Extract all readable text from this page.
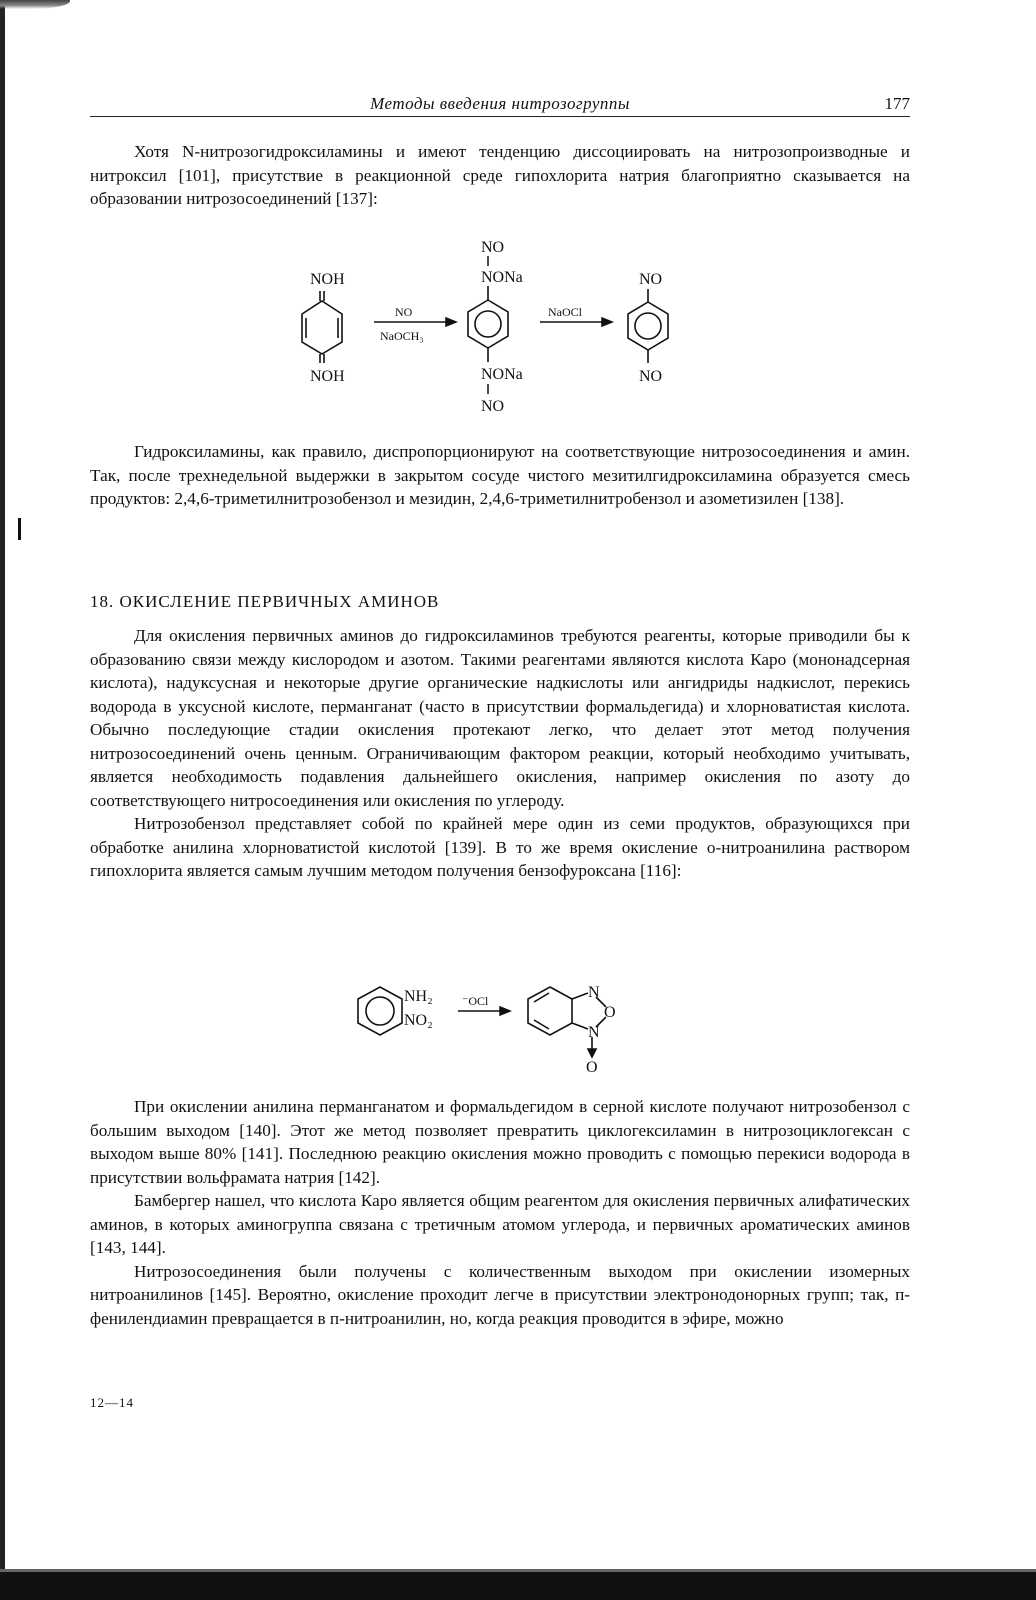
Методы введения нитрозогруппы	177

Хотя N-нитрозогидроксиламины и имеют тенденцию диссоциировать на нитрозопроизводные и нитроксил [101], присутствие в реакционной среде гипохлорита натрия благоприятно сказывается на образовании нитрозосоединений [137]:

NOH
NOH
NO
NaOCH₃
NO
NONa
NONa
NO
NaOCl
NO
NO

Гидроксиламины, как правило, диспропорционируют на соответствующие нитрозосоединения и амин. Так, после трехнедельной выдержки в закрытом сосуде чистого мезитилгидроксиламина образуется смесь продуктов: 2,4,6-триметилнитрозобензол и мезидин, 2,4,6-триметилнитробензол и азометизилен [138].

18. ОКИСЛЕНИЕ ПЕРВИЧНЫХ АМИНОВ

Для окисления первичных аминов до гидроксиламинов требуются реагенты, которые приводили бы к образованию связи между кислородом и азотом. Такими реагентами являются кислота Каро (мононадсерная кислота), надуксусная и некоторые другие органические надкислоты или ангидриды надкислот, перекись водорода в уксусной кислоте, перманганат (часто в присутствии формальдегида) и хлорноватистая кислота. Обычно последующие стадии окисления протекают легко, что делает этот метод получения нитрозосоединений очень ценным. Ограничивающим фактором реакции, который необходимо учитывать, является необходимость подавления дальнейшего окисления, например окисления по азоту до соответствующего нитросоединения или окисления по углероду.

Нитрозобензол представляет собой по крайней мере один из семи продуктов, образующихся при обработке анилина хлорноватистой кислотой [139]. В то же время окисление о-нитроанилина раствором гипохлорита является самым лучшим методом получения бензофуроксана [116]:

NH₂
NO₂
⁻OCl	N
O
N
O

При окислении анилина перманганатом и формальдегидом в серной кислоте получают нитрозобензол с большим выходом [140]. Этот же метод позволяет превратить циклогексиламин в нитрозоциклогексан с выходом выше 80% [141]. Последнюю реакцию окисления можно проводить с помощью перекиси водорода в присутствии вольфрамата натрия [142].

Бамбергер нашел, что кислота Каро является общим реагентом для окисления первичных алифатических аминов, в которых аминогруппа связана с третичным атомом углерода, и первичных ароматических аминов [143, 144].

Нитрозосоединения были получены с количественным выходом при окислении изомерных нитроанилинов [145]. Вероятно, окисление проходит легче в присутствии электронодонорных групп; так, п-фенилендиамин превращается в п-нитроанилин, но, когда реакция проводится в эфире, можно

12—14
